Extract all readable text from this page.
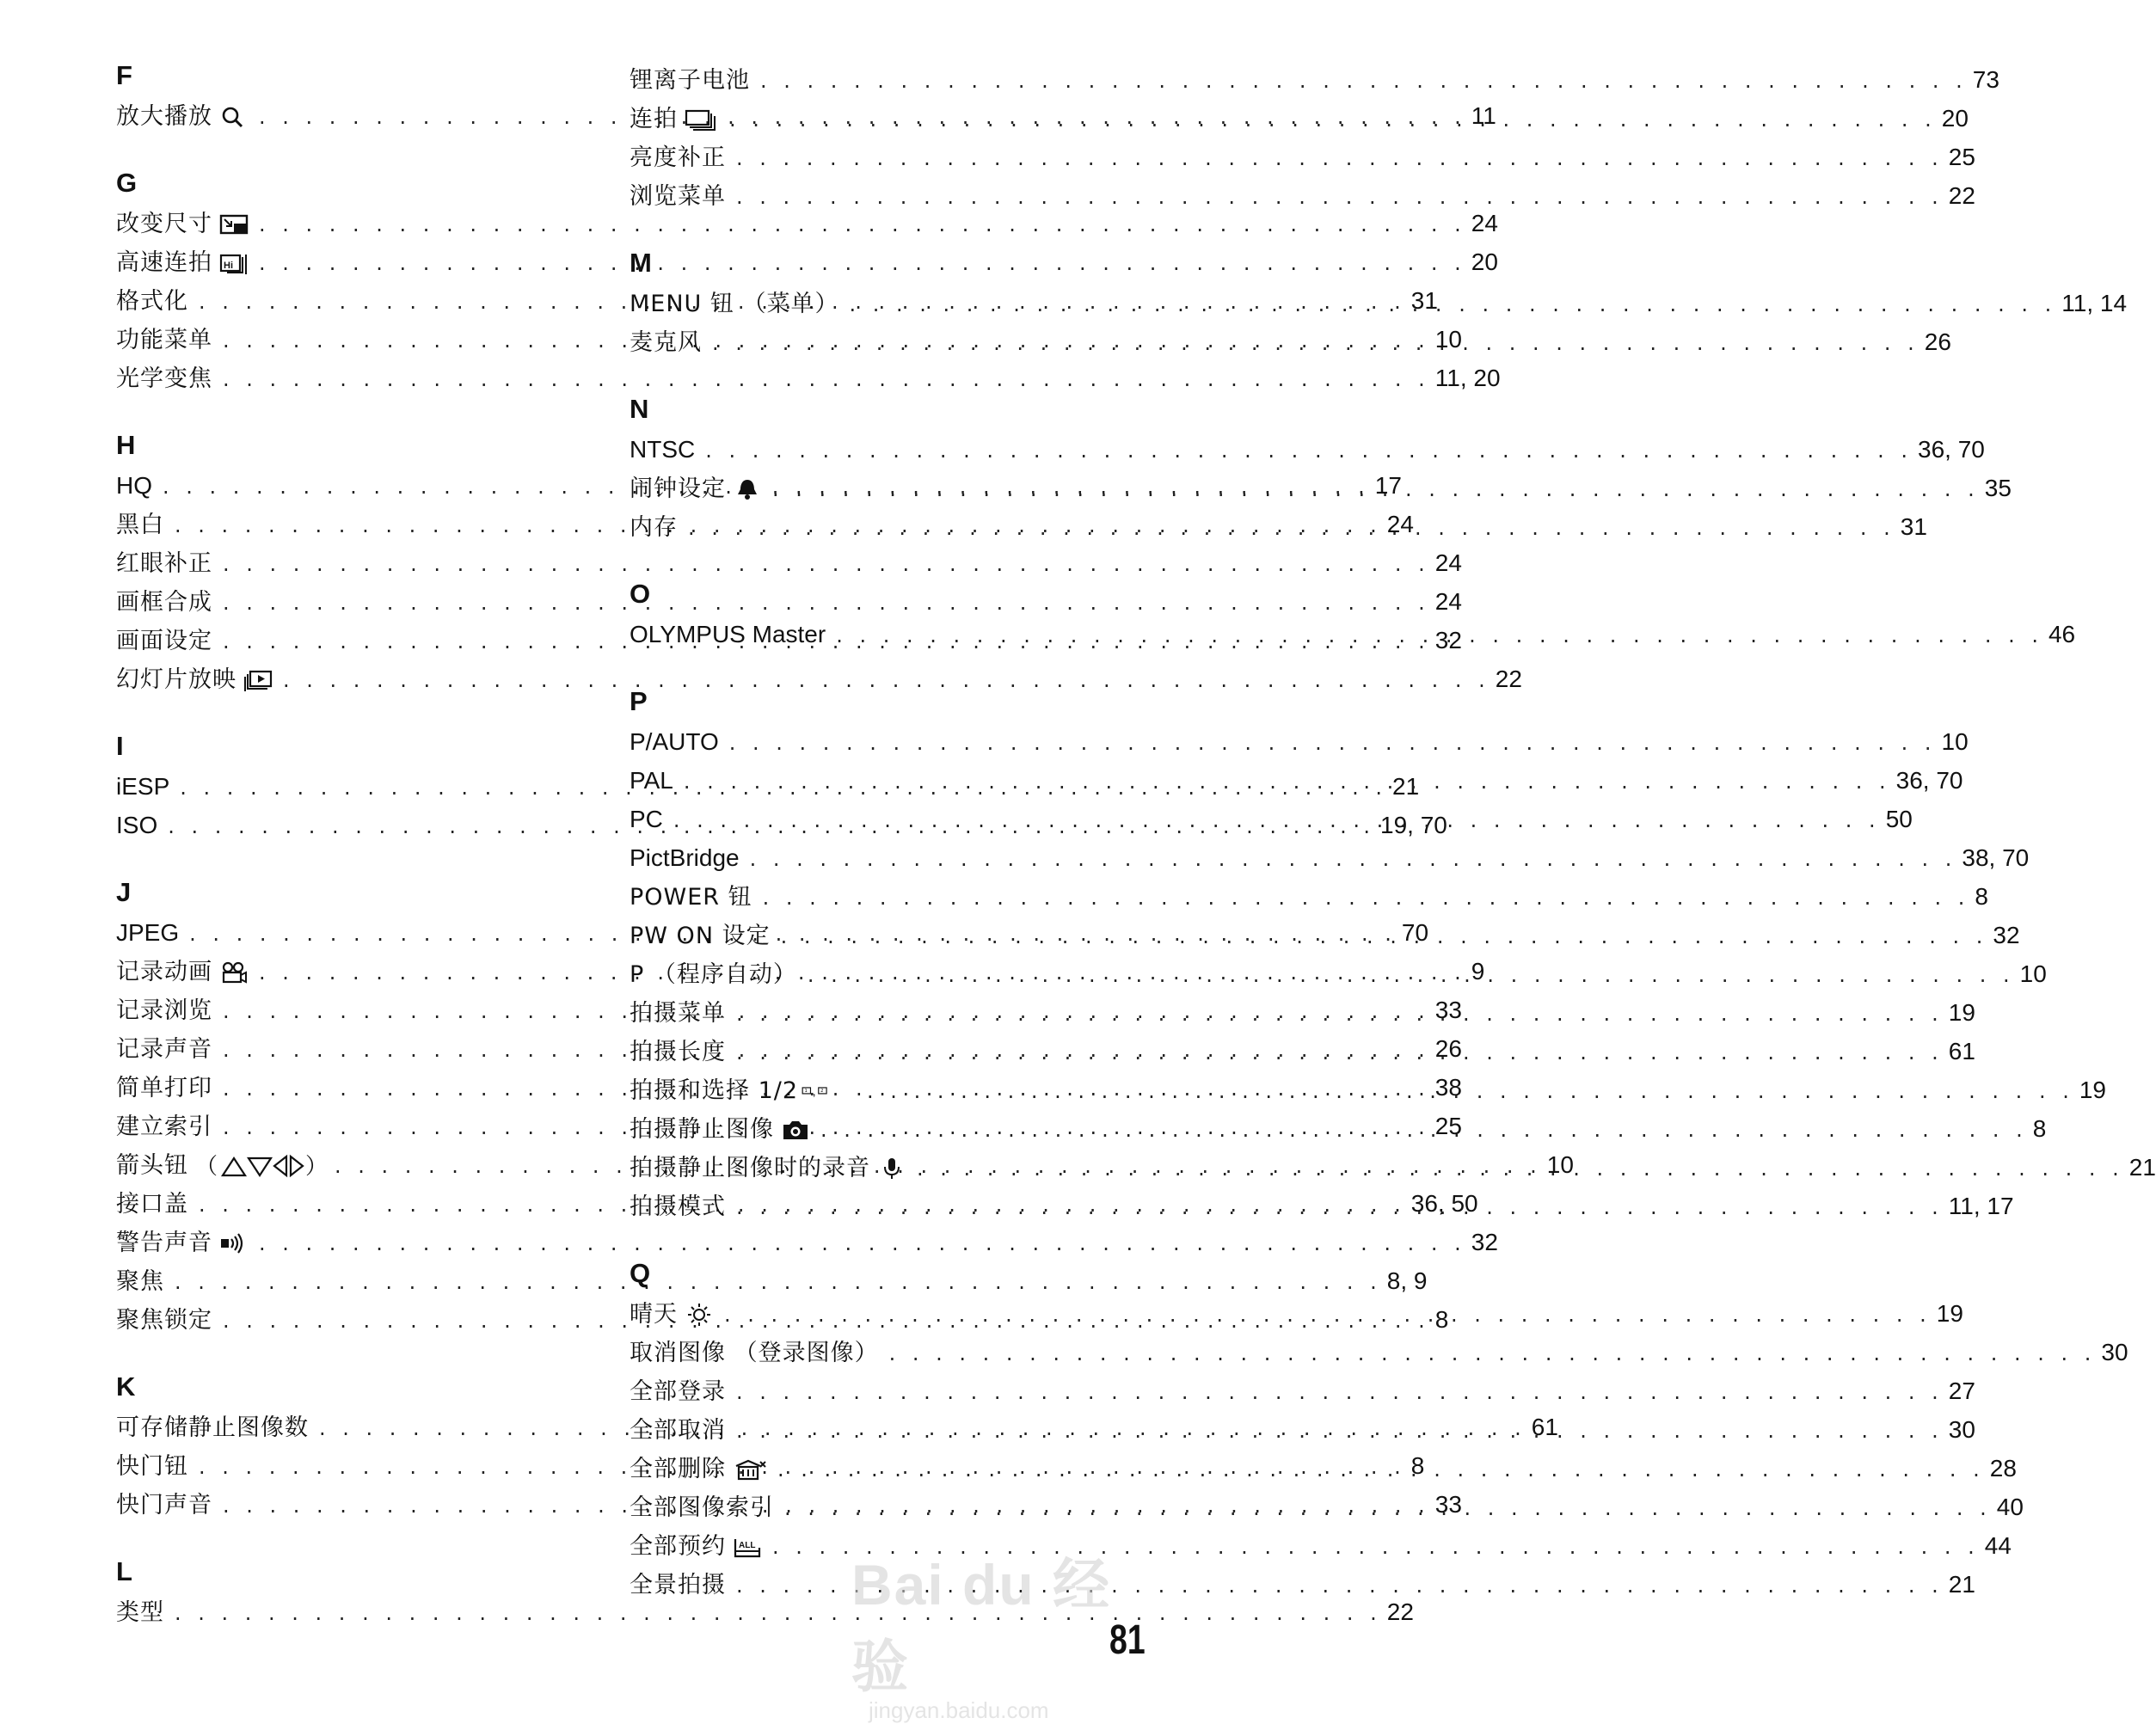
F
放大播放 . . .	11
G
改变尺寸 . . .	24
高速连拍 Hi . . .	20
格式化 . . .	31
功能菜单 . . .	10
光学变焦 . . .	11, 20
H
HQ . . .	17
黑白 . . .	24
红眼补正 . . .	24
画框合成 . . .	24
画面设定 . . .	32
幻灯片放映 . . .	22
I
iESP . . .	21
ISO . . .	19, 70
J
JPEG . . .	70
记录动画 . . .	9
记录浏览 . . .	33
记录声音 . . .	26
简单打印 . . .	38
建立索引 . . .	25
箭头钮 （	） . . .	10
接口盖 . . .	36, 50
警告声音 . . .	32
聚焦 . . .	8, 9
聚焦锁定 . . .	8
K
可存储静止图像数 . . .	61
快门钮 . . .	8
快门声音 . . .	33
L
类型 . . .	22
锂离子电池 . . .	73
连拍 . . .	20
亮度补正 . . .	25
浏览菜单 . . .	22
M
MENU 钮 （菜单） . . .	11, 14
麦克风 . . .	26
N
NTSC . . .	36, 70
闹钟设定 . . .	35
内存 . . .	31
O
OLYMPUS Master . . .	46
P
P/AUTO . . .	10
PAL . . .	36, 70
PC . . .	50
PictBridge . . .	38, 70
POWER 钮 . . .	8
PW ON 设定 . . .	32
P （程序自动） . . .	10
拍摄菜单 . . .	19
拍摄长度 . . .	61
拍摄和选择 1/2 1 , 2 . . .	19
拍摄静止图像 . . .	8
拍摄静止图像时的录音 . . .	21
拍摄模式 . . .	11, 17
Q
晴天 . . .	19
取消图像 （登录图像） . . .	30
全部登录 . . .	27
全部取消 . . .	30
全部删除 . . .	28
全部图像索引 . . .	40
全部预约 ALL . . .	44
全景拍摄 . . .	21
Bai du 经验
jingyan.baidu.com
81
